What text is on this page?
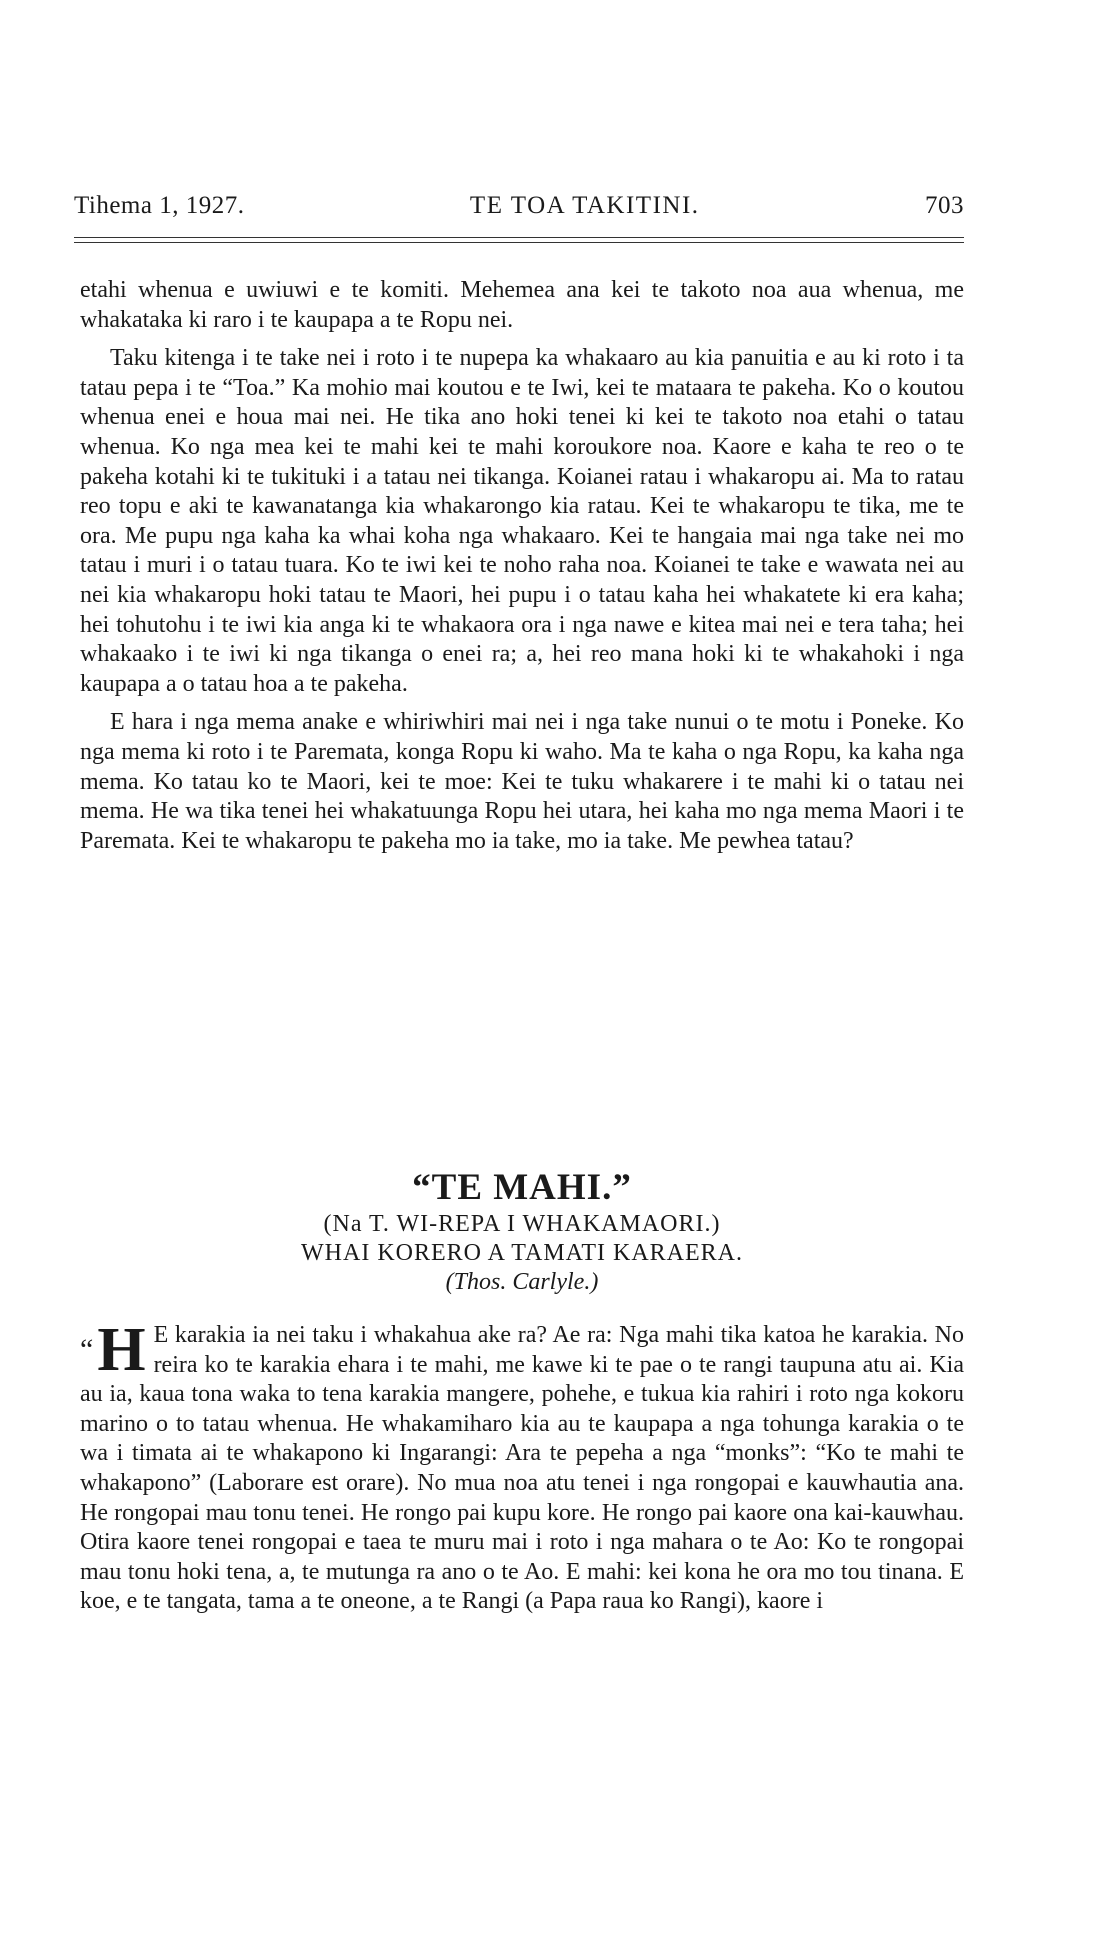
Tihema 1, 1927.	TE TOA TAKITINI.	703

etahi whenua e uwiuwi e te komiti. Mehemea ana kei te takoto noa aua whenua, me whakataka ki raro i te kaupapa a te Ropu nei.

Taku kitenga i te take nei i roto i te nupepa ka whakaaro au kia panuitia e au ki roto i ta tatau pepa i te “Toa.” Ka mohio mai koutou e te Iwi, kei te mataara te pakeha. Ko o koutou whenua enei e houa mai nei. He tika ano hoki tenei ki kei te takoto noa etahi o tatau whenua. Ko nga mea kei te mahi kei te mahi koroukore noa. Kaore e kaha te reo o te pakeha kotahi ki te tukituki i a tatau nei tikanga. Koianei ratau i whakaropu ai. Ma to ratau reo topu e aki te kawanatanga kia whakarongo kia ratau. Kei te whakaropu te tika, me te ora. Me pupu nga kaha ka whai koha nga whakaaro. Kei te hangaia mai nga take nei mo tatau i muri i o tatau tuara. Ko te iwi kei te noho raha noa. Koianei te take e wawata nei au nei kia whakaropu hoki tatau te Maori, hei pupu i o tatau kaha hei whakatete ki era kaha; hei tohutohu i te iwi kia anga ki te whakaora ora i nga nawe e kitea mai nei e tera taha; hei whakaako i te iwi ki nga tikanga o enei ra; a, hei reo mana hoki ki te whakahoki i nga kaupapa a o tatau hoa a te pakeha.

E hara i nga mema anake e whiriwhiri mai nei i nga take nunui o te motu i Poneke. Ko nga mema ki roto i te Paremata, konga Ropu ki waho. Ma te kaha o nga Ropu, ka kaha nga mema. Ko tatau ko te Maori, kei te moe: Kei te tuku whakarere i te mahi ki o tatau nei mema. He wa tika tenei hei whakatuunga Ropu hei utara, hei kaha mo nga mema Maori i te Paremata. Kei te whakaropu te pakeha mo ia take, mo ia take. Me pewhea tatau?

“TE MAHI.”
(Na T. WI-REPA I WHAKAMAORI.)
WHAI KORERO A TAMATI KARAERA.
(Thos. Carlyle.)
“H E karakia ia nei taku i whakahua ake ra? Ae ra: Nga mahi tika katoa he karakia. No reira ko te karakia ehara i te mahi, me kawe ki te pae o te rangi taupuna atu ai. Kia au ia, kaua tona waka to tena karakia mangere, pohehe, e tukua kia rahiri i roto nga kokoru marino o to tatau whenua. He whakamiharo kia au te kaupapa a nga tohunga karakia o te wa i timata ai te whakapono ki Ingarangi: Ara te pepeha a nga “monks”: “Ko te mahi te whakapono” (Laborare est orare). No mua noa atu tenei i nga rongopai e kauwhautia ana. He rongopai mau tonu tenei. He rongo pai kupu kore. He rongo pai kaore ona kai-kauwhau. Otira kaore tenei rongopai e taea te muru mai i roto i nga mahara o te Ao: Ko te rongopai mau tonu hoki tena, a, te mutunga ra ano o te Ao. E mahi: kei kona he ora mo tou tinana. E koe, e te tangata, tama a te oneone, a te Rangi (a Papa raua ko Rangi), kaore i
